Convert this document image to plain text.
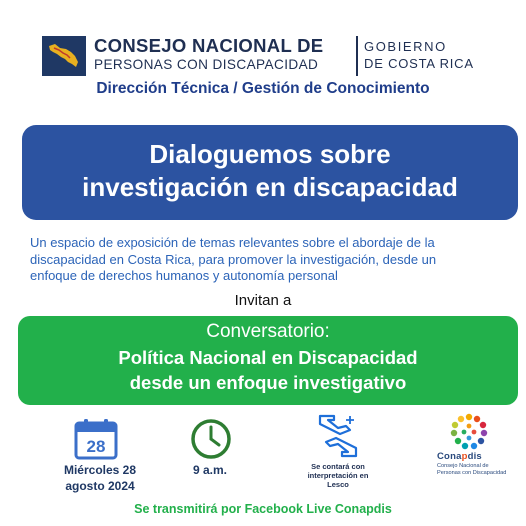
CONSEJO NACIONAL DE
PERSONAS CON DISCAPACIDAD
GOBIERNO
DE COSTA RICA
Dirección Técnica / Gestión de Conocimiento
Dialoguemos sobre
investigación en discapacidad
Un espacio de exposición de temas relevantes sobre el abordaje de la
discapacidad en Costa Rica, para promover la investigación, desde un
enfoque de derechos humanos y autonomía personal
Invitan a
Conversatorio:
Política Nacional en Discapacidad
desde un enfoque investigativo
28
Miércoles 28
agosto 2024
9 a.m.	Se contará con
interpretación en Lesco
Conapdis
Consejo Nacional de
Personas con Discapacidad
Se transmitirá por Facebook Live Conapdis
